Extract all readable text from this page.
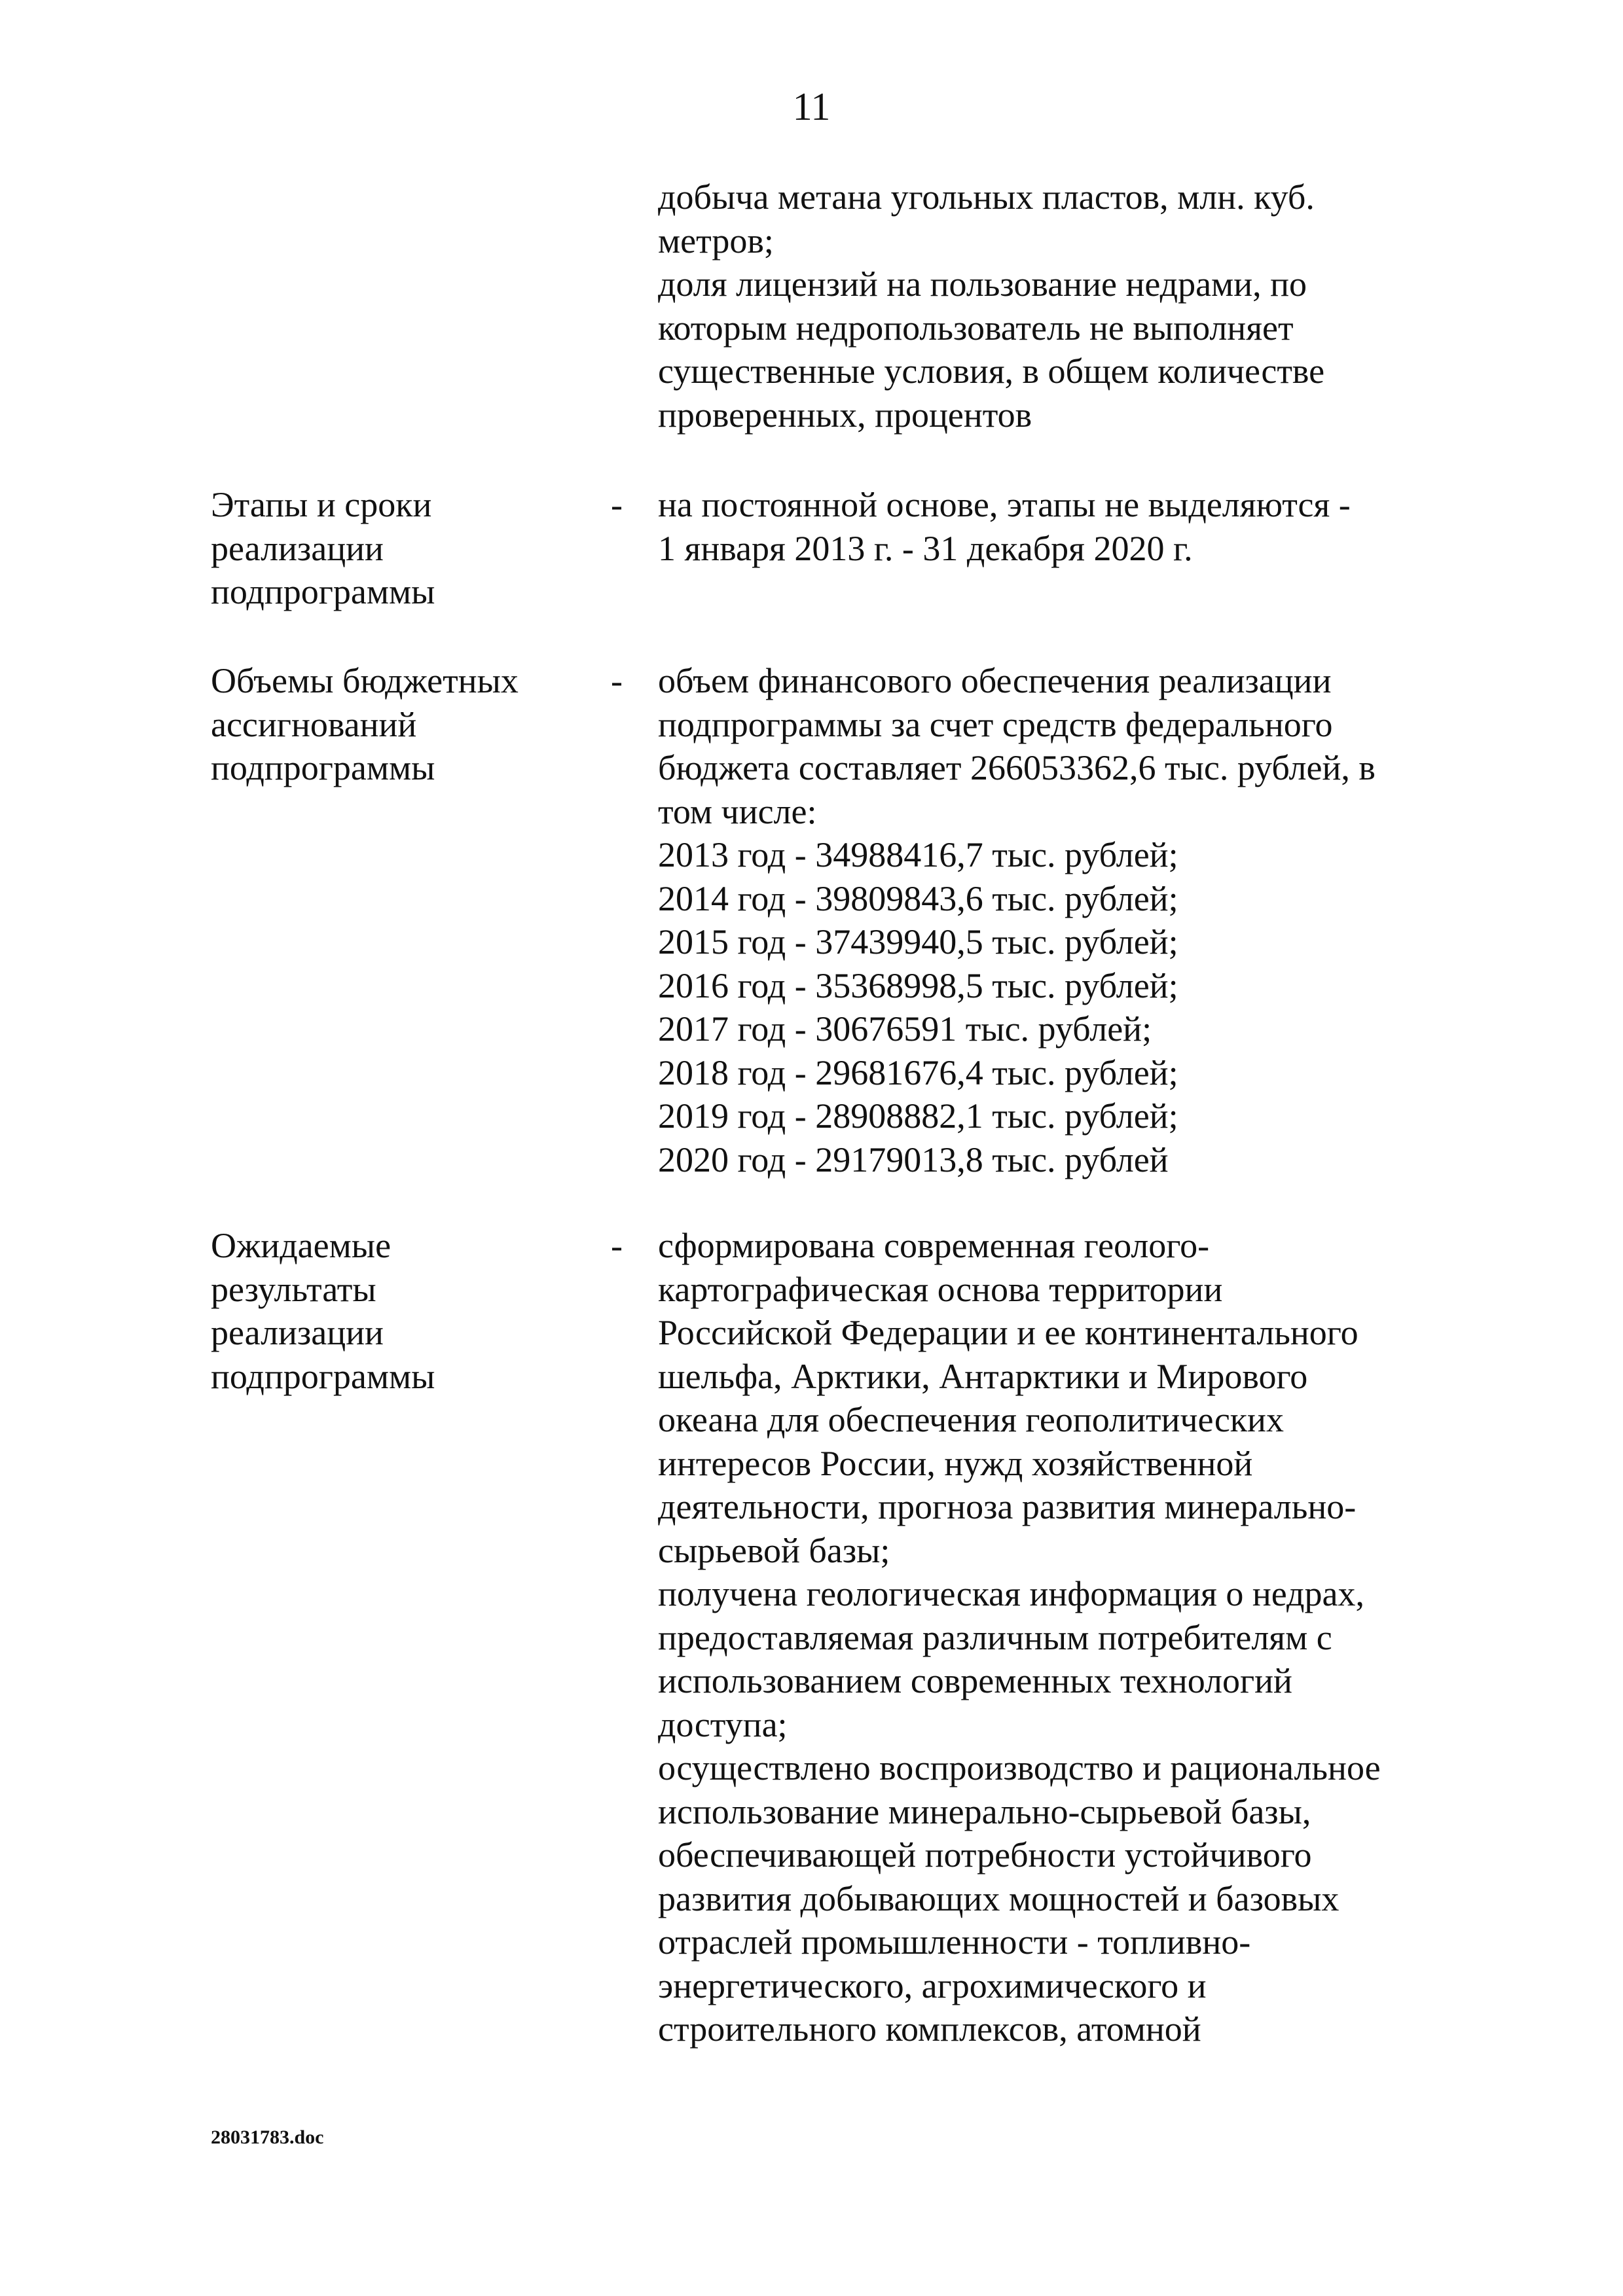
11
добыча метана угольных пластов, млн. куб.
метров;
доля лицензий на пользование недрами, по
которым недропользователь не выполняет
существенные условия, в общем количестве
проверенных, процентов
Этапы и сроки
реализации
подпрограммы
- на постоянной основе, этапы не выделяются -
1 января 2013 г. - 31 декабря 2020 г.
Объемы бюджетных
ассигнований
подпрограммы
- объем финансового обеспечения реализации
подпрограммы за счет средств федерального
бюджета составляет 266053362,6 тыс. рублей, в
том числе:
2013 год - 34988416,7 тыс. рублей;
2014 год - 39809843,6 тыс. рублей;
2015 год - 37439940,5 тыс. рублей;
2016 год - 35368998,5 тыс. рублей;
2017 год - 30676591 тыс. рублей;
2018 год - 29681676,4 тыс. рублей;
2019 год - 28908882,1 тыс. рублей;
2020 год - 29179013,8 тыс. рублей
Ожидаемые
результаты
реализации
подпрограммы
- сформирована современная геолого-
картографическая основа территории
Российской Федерации и ее континентального
шельфа, Арктики, Антарктики и Мирового
океана для обеспечения геополитических
интересов России, нужд хозяйственной
деятельности, прогноза развития минерально-
сырьевой базы;
получена геологическая информация о недрах,
предоставляемая различным потребителям с
использованием современных технологий
доступа;
осуществлено воспроизводство и рациональное
использование минерально-сырьевой базы,
обеспечивающей потребности устойчивого
развития добывающих мощностей и базовых
отраслей промышленности - топливно-
энергетического, агрохимического и
строительного комплексов, атомной
28031783.doc
